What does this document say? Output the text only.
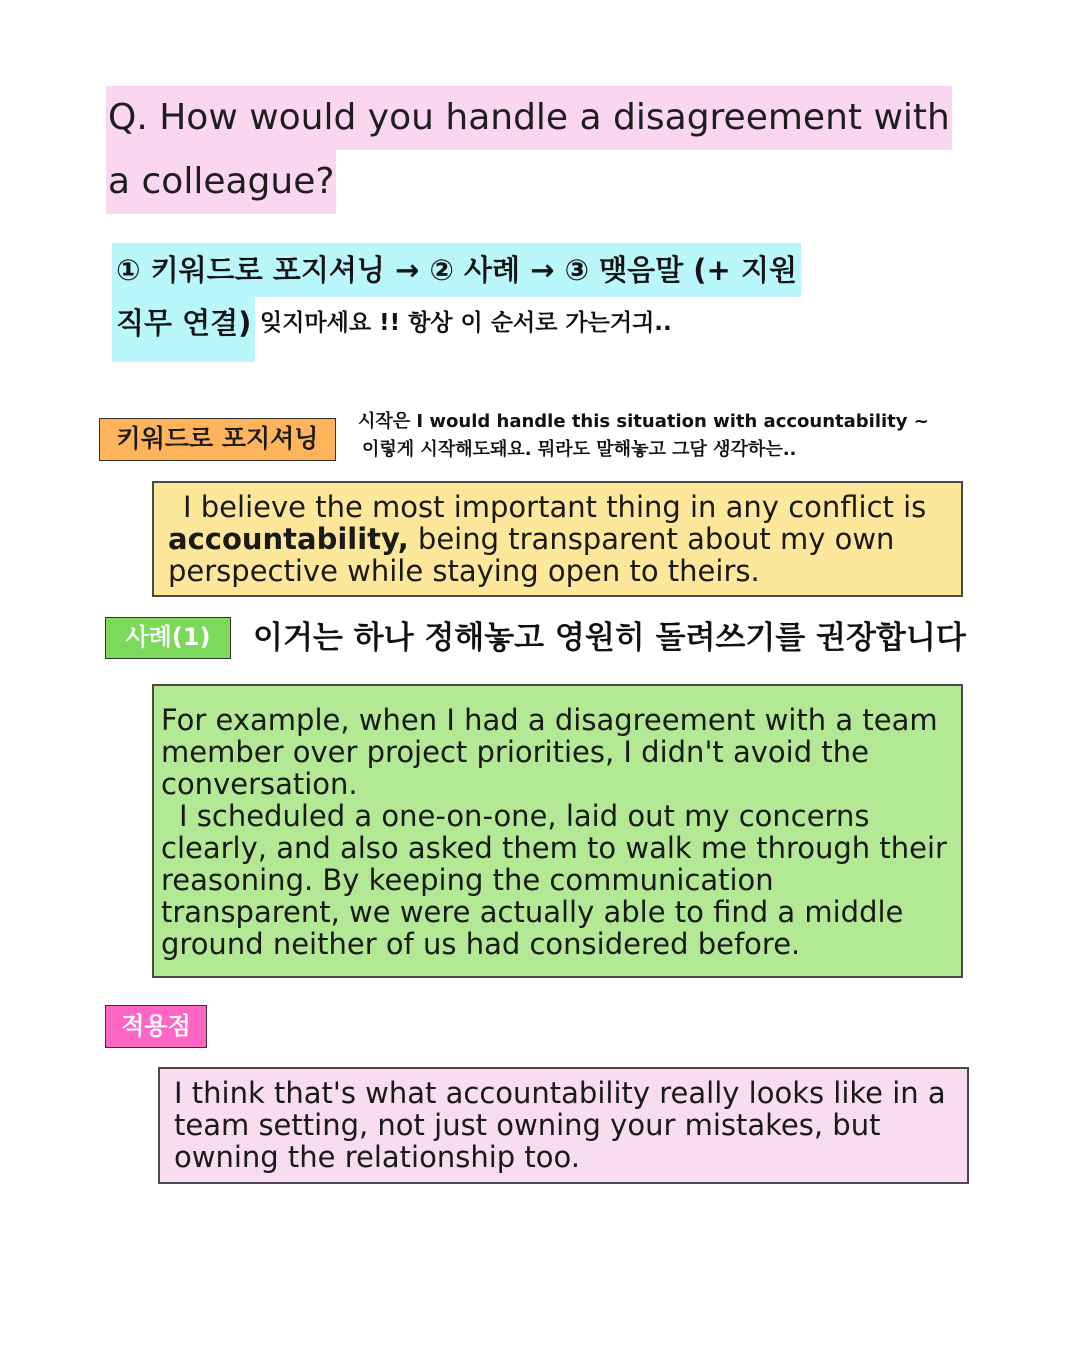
Q. How would you handle a disagreement with
a colleague?
① 키워드로 포지셔닝 → ② 사례 → ③ 맺음말 (+ 지원
직무 연결) 잊지마세요 !! 항상 이 순서로 가는거긔..
키워드로 포지셔닝
시작은 I would handle this situation with accountability ~
이렇게 시작해도돼요. 뭐라도 말해놓고 그담 생각하는..

I believe the most important thing in any conflict is

accountability, being transparent about my own

perspective while staying open to theirs.

사례(1)	이거는 하나 정해놓고 영원히 돌려쓰기를 권장합니다

For example, when I had a disagreement with a team member over project priorities, I didn't avoid the conversation.

I scheduled a one-on-one, laid out my concerns clearly, and also asked them to walk me through their reasoning. By keeping the communication transparent, we were actually able to find a middle ground neither of us had considered before.

적용점

I think that's what accountability really looks like in a team setting, not just owning your mistakes, but owning the relationship too.
